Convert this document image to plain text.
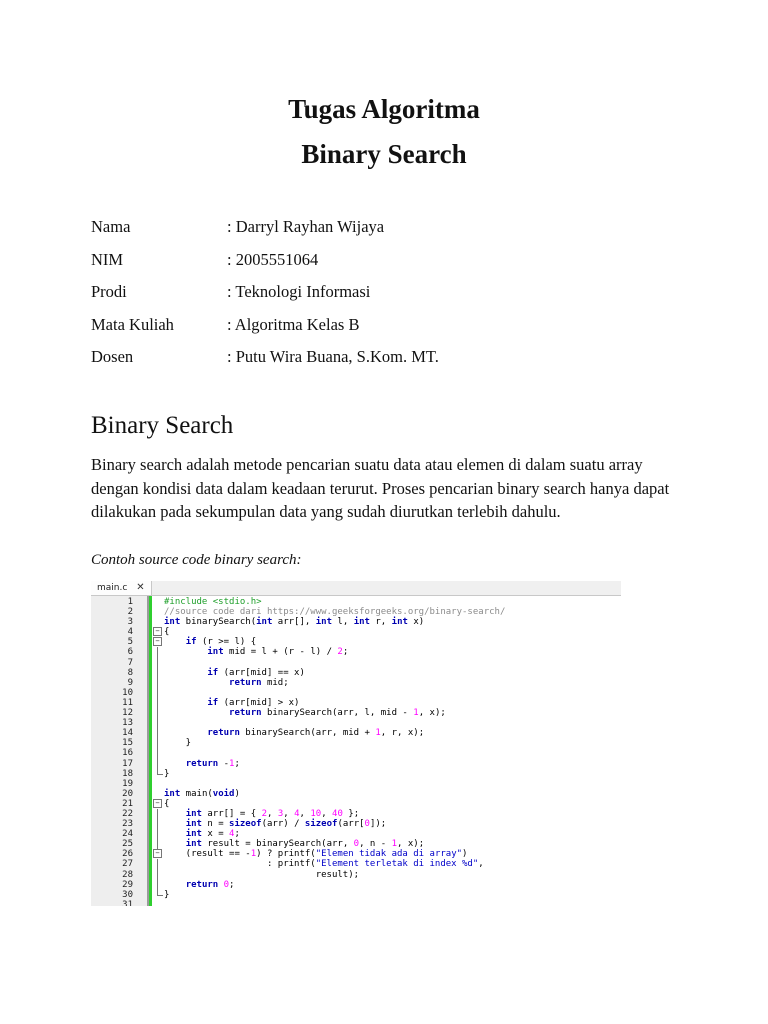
Tugas Algoritma
Binary Search
Nama	: Darryl Rayhan Wijaya
NIM	: 2005551064
Prodi	: Teknologi Informasi
Mata Kuliah	: Algoritma Kelas B
Dosen	: Putu Wira Buana, S.Kom. MT.
Binary Search

Binary search adalah metode pencarian suatu data atau elemen di dalam suatu array dengan kondisi data dalam keadaan terurut. Proses pencarian binary search hanya dapat dilakukan pada sekumpulan data yang sudah diurutkan terlebih dahulu.

Contoh source code binary search:

main.c ✕
1	#include <stdio.h>
2	//source code dari https://www.geeksforgeeks.org/binary-search/
3	int binarySearch(int arr[], int l, int r, int x)
4	− {
5	−	if (r >= l) {
6	int mid = l + (r - l) / 2;
7
8	if (arr[mid] == x)
9	return mid;
10
11	if (arr[mid] > x)
12	return binarySearch(arr, l, mid - 1, x);
13
14	return binarySearch(arr, mid + 1, r, x);
15	}
16
17	return -1;
18	}
19
20	int main(void)
21	− {
22	int arr[] = { 2, 3, 4, 10, 40 };
23	int n = sizeof(arr) / sizeof(arr[0]);
24	int x = 4;
25	int result = binarySearch(arr, 0, n - 1, x);
26	− (result == -1) ? printf("Elemen tidak ada di array")
27	: printf("Element terletak di index %d",
28	result);
29	return 0;
30	}
31
